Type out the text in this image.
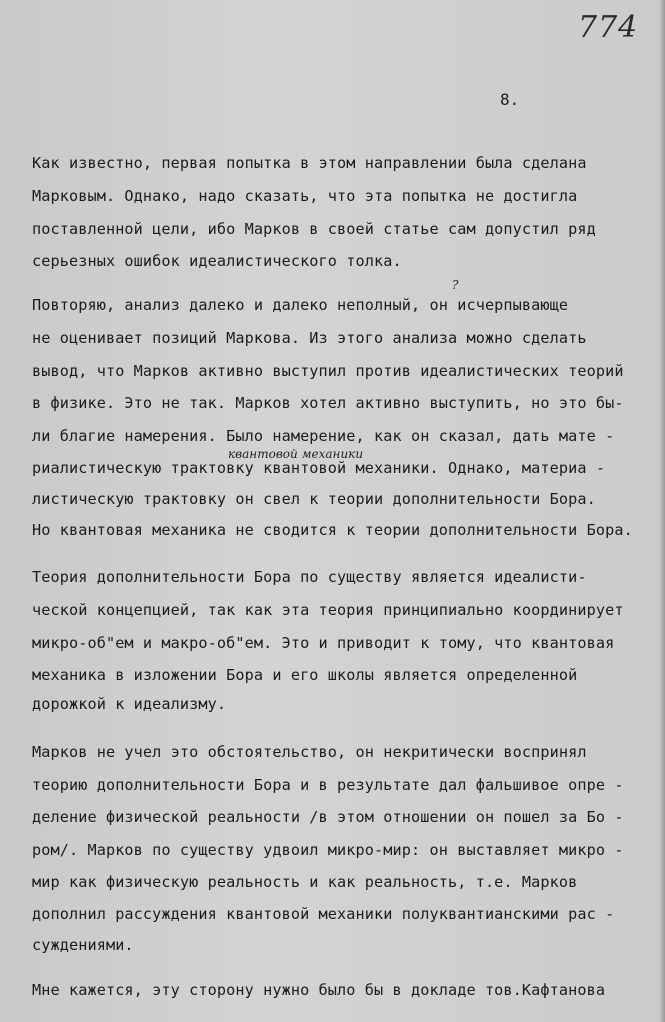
774
8.
Как известно, первая попытка в этом направлении была сделана
Марковым. Однако, надо сказать, что эта попытка не достигла
поставленной цели, ибо Марков в своей статье сам допустил ряд
серьезных ошибок идеалистического толка.
?
Повторяю, анализ далеко и далеко неполный, он исчерпывающе
не оценивает позиций Маркова. Из этого анализа можно сделать
вывод, что Марков активно выступил против идеалистических теорий
в физике. Это не так. Марков хотел активно выступить, но это бы-
ли благие намерения. Было намерение, как он сказал, дать мате -
квантовой механики
риалистическую трактовку квантовой механики. Однако, материа -
листическую трактовку он свел к теории дополнительности Бора.
Но квантовая механика не сводится к теории дополнительности Бора.
Теория дополнительности Бора по существу является идеалисти-
ческой концепцией, так как эта теория принципиально координирует
микро-об"ем и макро-об"ем. Это и приводит к тому, что квантовая
механика в изложении Бора и его школы является определенной
дорожкой к идеализму.
Марков не учел это обстоятельство, он некритически воспринял
теорию дополнительности Бора и в результате дал фальшивое опре -
деление физической реальности /в этом отношении он пошел за Бо -
ром/. Марков по существу удвоил микро-мир: он выставляет микро -
мир как физическую реальность и как реальность, т.е. Марков
дополнил рассуждения квантовой механики полуквантианскими рас -
суждениями.
Мне кажется, эту сторону нужно было бы в докладе тов.Кафтанова
